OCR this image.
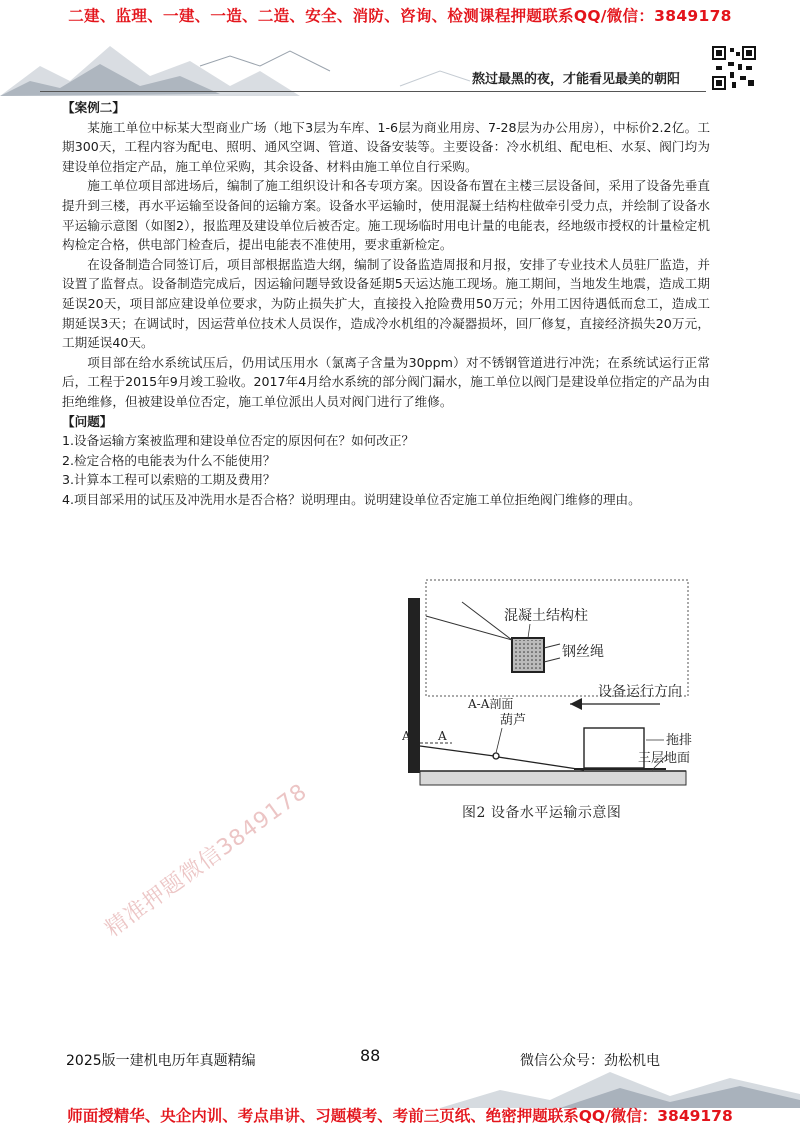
二建、监理、一建、一造、二造、安全、消防、咨询、检测课程押题联系QQ/微信：3849178
熬过最黑的夜，才能看见最美的朝阳

【案例二】

某施工单位中标某大型商业广场（地下3层为车库、1-6层为商业用房、7-28层为办公用房），中标价2.2亿。工期300天，工程内容为配电、照明、通风空调、管道、设备安装等。主要设备：冷水机组、配电柜、水泵、阀门均为建设单位指定产品，施工单位采购，其余设备、材料由施工单位自行采购。

施工单位项目部进场后，编制了施工组织设计和各专项方案。因设备布置在主楼三层设备间，采用了设备先垂直提升到三楼，再水平运输至设备间的运输方案。设备水平运输时，使用混凝土结构柱做牵引受力点，并绘制了设备水平运输示意图（如图2），报监理及建设单位后被否定。施工现场临时用电计量的电能表，经地级市授权的计量检定机构检定合格，供电部门检查后，提出电能表不准使用，要求重新检定。

在设备制造合同签订后，项目部根据监造大纲，编制了设备监造周报和月报，安排了专业技术人员驻厂监造，并设置了监督点。设备制造完成后，因运输问题导致设备延期5天运达施工现场。施工期间，当地发生地震，造成工期延误20天，项目部应建设单位要求，为防止损失扩大，直接投入抢险费用50万元；外用工因待遇低而怠工，造成工期延误3天；在调试时，因运营单位技术人员误作，造成冷水机组的冷凝器损坏，回厂修复，直接经济损失20万元，工期延误40天。

项目部在给水系统试压后，仍用试压用水（氯离子含量为30ppm）对不锈钢管道进行冲洗；在系统试运行正常后，工程于2015年9月竣工验收。2017年4月给水系统的部分阀门漏水，施工单位以阀门是建设单位指定的产品为由拒绝维修，但被建设单位否定，施工单位派出人员对阀门进行了维修。

【问题】

1.设备运输方案被监理和建设单位否定的原因何在？如何改正？

2.检定合格的电能表为什么不能使用？

3.计算本工程可以索赔的工期及费用？

4.项目部采用的试压及冲洗用水是否合格？说明理由。说明建设单位否定施工单位拒绝阀门维修的理由。

混凝土结构柱
钢丝绳
A-A剖面
设备运行方向
葫芦
拖排
三层地面
A A
图2 设备水平运输示意图
精准押题微信3849178
2025版一建机电历年真题精编	88	微信公众号：劲松机电
师面授精华、央企内训、考点串讲、习题模考、考前三页纸、绝密押题联系QQ/微信：3849178
